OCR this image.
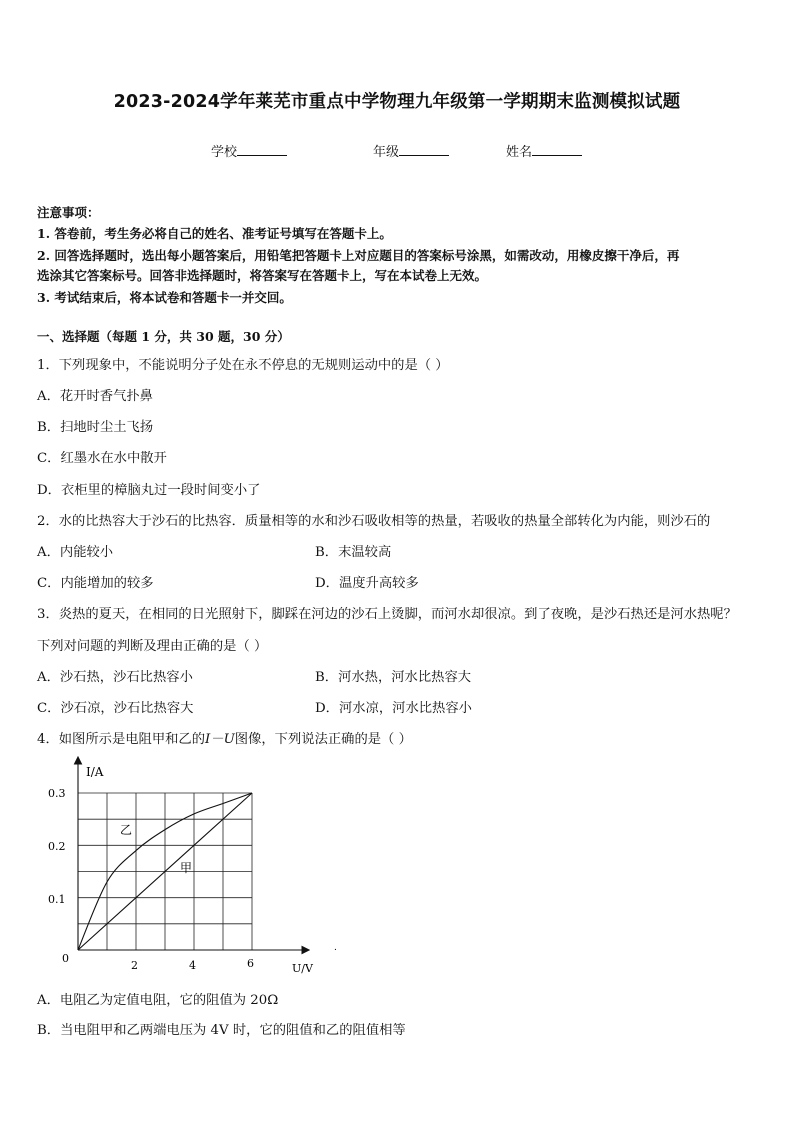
2023-2024学年莱芜市重点中学物理九年级第一学期期末监测模拟试题
学校	年级	姓名
注意事项：
1. 答卷前，考生务必将自己的姓名、准考证号填写在答题卡上。
2. 回答选择题时，选出每小题答案后，用铅笔把答题卡上对应题目的答案标号涂黑，如需改动，用橡皮擦干净后，再
选涂其它答案标号。回答非选择题时，将答案写在答题卡上，写在本试卷上无效。
3. 考试结束后，将本试卷和答题卡一并交回。
一、选择题（每题 1 分，共 30 题，30 分）
1．下列现象中，不能说明分子处在永不停息的无规则运动中的是（ ）
A．花开时香气扑鼻
B．扫地时尘土飞扬
C．红墨水在水中散开
D．衣柜里的樟脑丸过一段时间变小了
2．水的比热容大于沙石的比热容．质量相等的水和沙石吸收相等的热量，若吸收的热量全部转化为内能，则沙石的
A．内能较小	B．末温较高
C．内能增加的较多	D．温度升高较多
3．炎热的夏天，在相同的日光照射下，脚踩在河边的沙石上烫脚，而河水却很凉。到了夜晚，是沙石热还是河水热呢？
下列对问题的判断及理由正确的是（ ）
A．沙石热，沙石比热容小	B．河水热，河水比热容大
C．沙石凉，沙石比热容大	D．河水凉，河水比热容小
4．如图所示是电阻甲和乙的I－U图像，下列说法正确的是（ ）
I/A
U/V
0
2	4	6
0.1
0.2
0.3
乙
甲
.
A．电阻乙为定值电阻，它的阻值为 20Ω
B．当电阻甲和乙两端电压为 4V 时，它的阻值和乙的阻值相等
